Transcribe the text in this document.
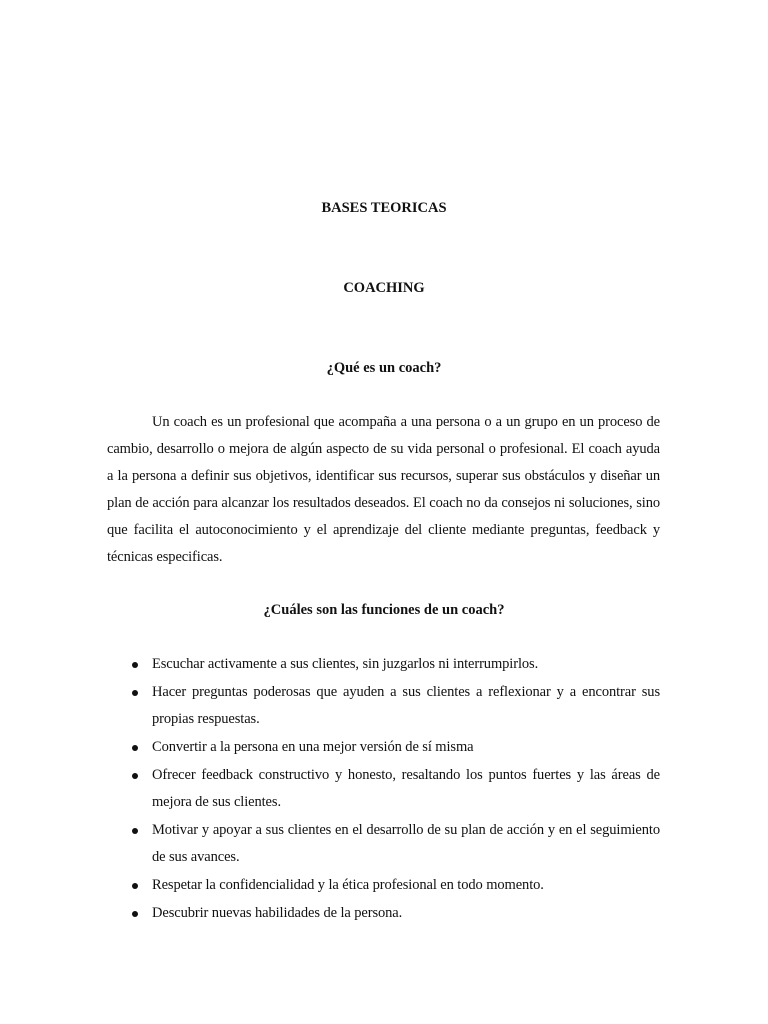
BASES TEORICAS
COACHING
¿Qué es un coach?

Un coach es un profesional que acompaña a una persona o a un grupo en un proceso de cambio, desarrollo o mejora de algún aspecto de su vida personal o profesional. El coach ayuda a la persona a definir sus objetivos, identificar sus recursos, superar sus obstáculos y diseñar un plan de acción para alcanzar los resultados deseados. El coach no da consejos ni soluciones, sino que facilita el autoconocimiento y el aprendizaje del cliente mediante preguntas, feedback y técnicas especificas.

¿Cuáles son las funciones de un coach?
Escuchar activamente a sus clientes, sin juzgarlos ni interrumpirlos.
Hacer preguntas poderosas que ayuden a sus clientes a reflexionar y a encontrar sus propias respuestas.
Convertir a la persona en una mejor versión de sí misma
Ofrecer feedback constructivo y honesto, resaltando los puntos fuertes y las áreas de mejora de sus clientes.
Motivar y apoyar a sus clientes en el desarrollo de su plan de acción y en el seguimiento de sus avances.
Respetar la confidencialidad y la ética profesional en todo momento.
Descubrir nuevas habilidades de la persona.
